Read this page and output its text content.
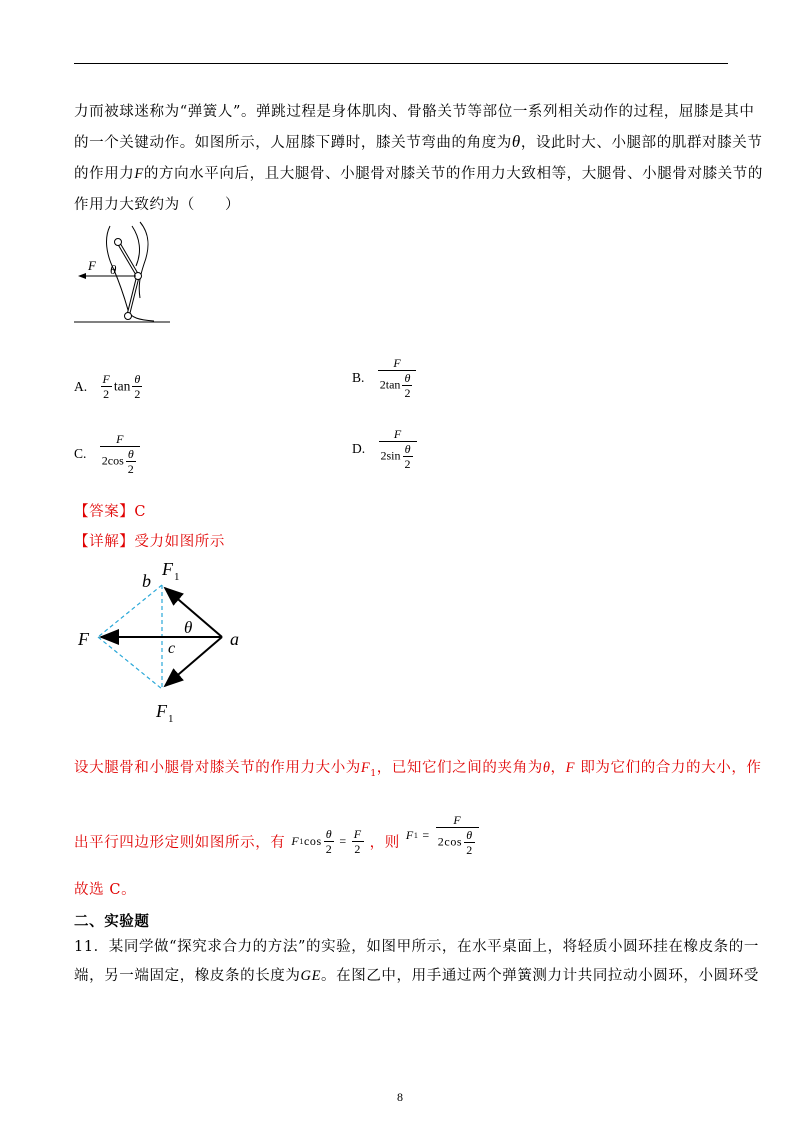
力而被球迷称为“弹簧人”。弹跳过程是身体肌肉、骨骼关节等部位一系列相关动作的过程，屈膝是其中
的一个关键动作。如图所示，人屈膝下蹲时，膝关节弯曲的角度为θ，设此时大、小腿部的肌群对膝关节
的作用力F的方向水平向后，且大腿骨、小腿骨对膝关节的作用力大致相等，大腿骨、小腿骨对膝关节的
作用力大致约为（　　）
F θ
A. $\frac{F}{2}$ $\tan \frac{\theta}{2}$	B. $\frac{F}{2\tan \frac{\theta}{2}}$
C. $\frac{F}{2\cos \frac{\theta}{2}}$	D. $\frac{F}{2\sin \frac{\theta}{2}}$
【答案】C
【详解】受力如图所示
b
F 1
F
θ
a
c
F 1
设大腿骨和小腿骨对膝关节的作用力大小为$F_1$，已知它们之间的夹角为θ，F 即为它们的合力的大小，作
出平行四边形定则如图所示，有 F 1 $\cos \frac{\theta}{2} = \frac{F}{2}$ ，则 F $1 = \frac{F}{2\cos \frac{\theta}{2}}$
故选 C。
二、实验题
11．某同学做“探究求合力的方法”的实验，如图甲所示，在水平桌面上，将轻质小圆环挂在橡皮条的一
端，另一端固定，橡皮条的长度为GE。在图乙中，用手通过两个弹簧测力计共同拉动小圆环，小圆环受
8
